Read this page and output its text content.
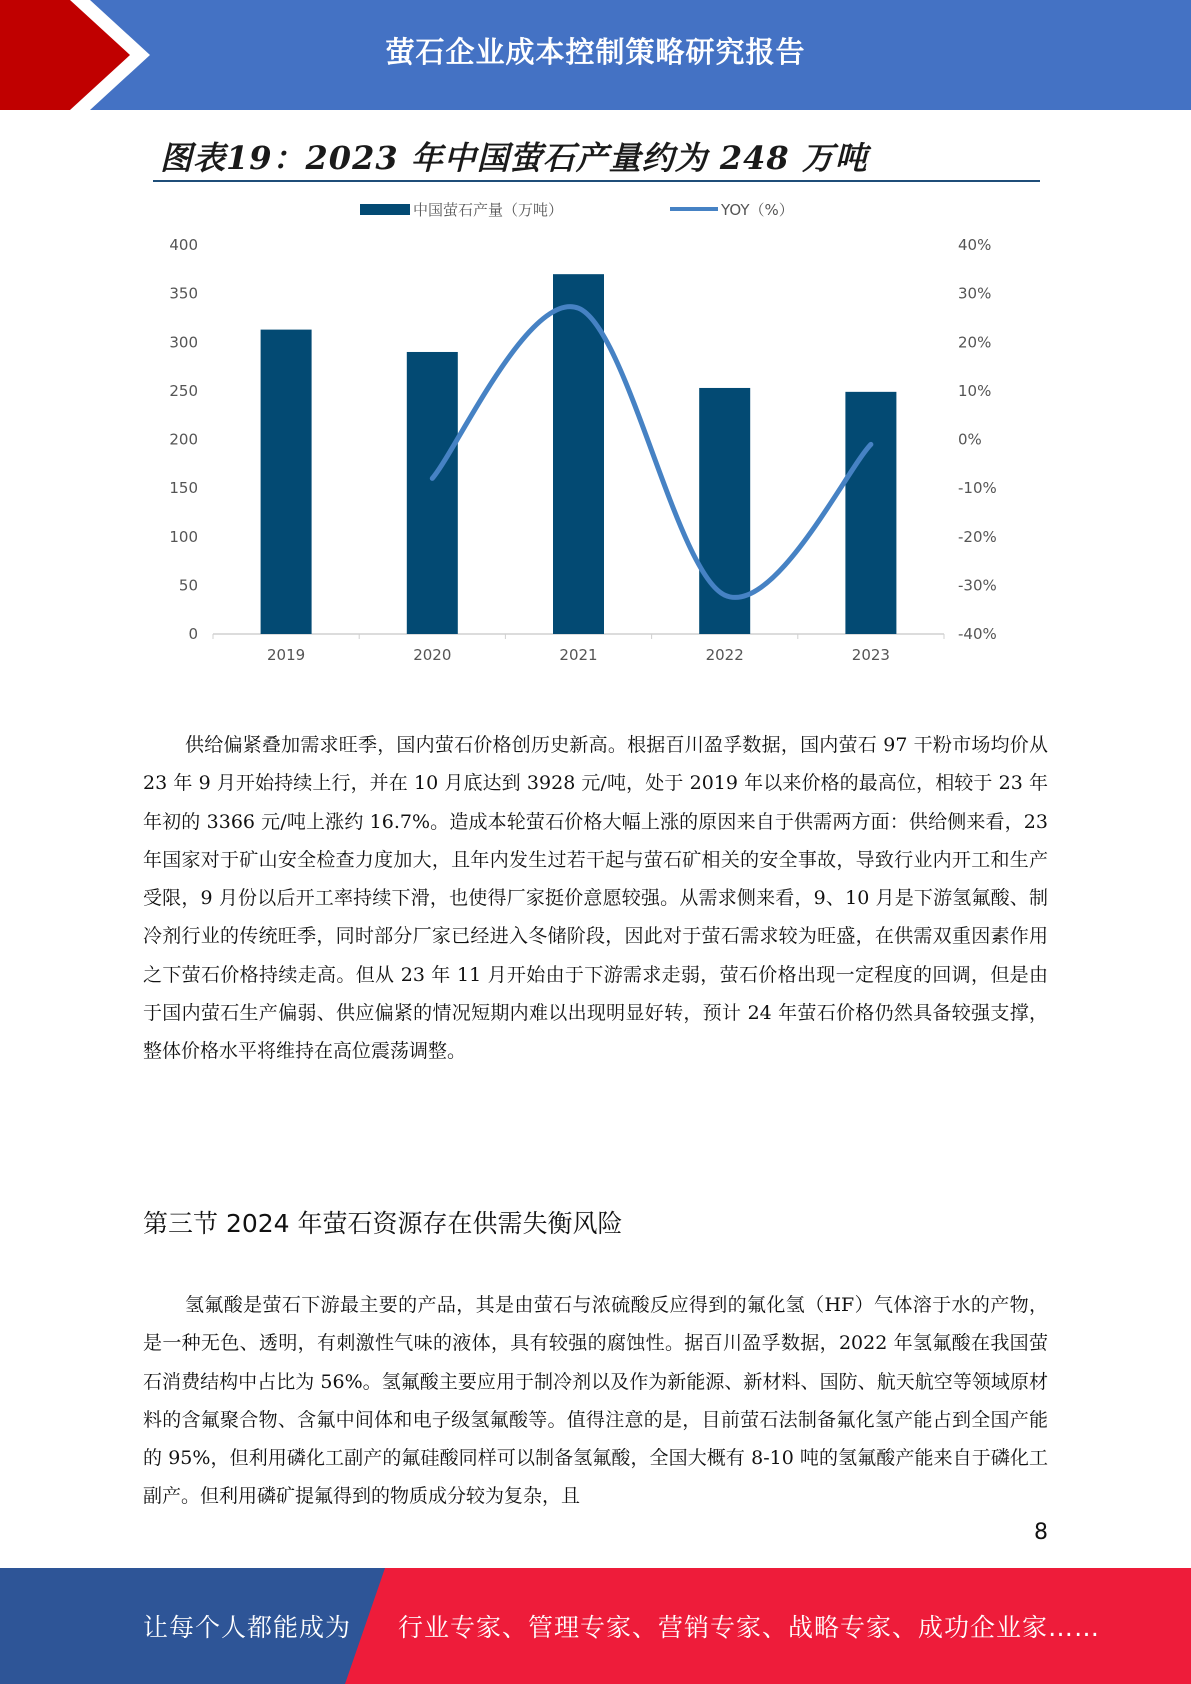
萤石企业成本控制策略研究报告
图表19：2023 年中国萤石产量约为 248 万吨
中国萤石产量（万吨）	YOY（%）
0
50
100
150
200
250
300
350
400
-40%
-30%
-20%
-10%
0%
10%
20%
30%
40%
2019	2020	2021	2022	2023
供给偏紧叠加需求旺季，国内萤石价格创历史新高。根据百川盈孚数据，国内萤石 97 干粉市场均价从 23 年 9 月开始持续上行，并在 10 月底达到 3928 元/吨，处于 2019 年以来价格的最高位，相较于 23 年年初的 3366 元/吨上涨约 16.7%。造成本轮萤石价格大幅上涨的原因来自于供需两方面：供给侧来看，23 年国家对于矿山安全检查力度加大，且年内发生过若干起与萤石矿相关的安全事故，导致行业内开工和生产受限，9 月份以后开工率持续下滑，也使得厂家挺价意愿较强。从需求侧来看，9、10 月是下游氢氟酸、制冷剂行业的传统旺季，同时部分厂家已经进入冬储阶段，因此对于萤石需求较为旺盛，在供需双重因素作用之下萤石价格持续走高。但从 23 年 11 月开始由于下游需求走弱，萤石价格出现一定程度的回调，但是由于国内萤石生产偏弱、供应偏紧的情况短期内难以出现明显好转，预计 24 年萤石价格仍然具备较强支撑，整体价格水平将维持在高位震荡调整。
第三节 2024 年萤石资源存在供需失衡风险
氢氟酸是萤石下游最主要的产品，其是由萤石与浓硫酸反应得到的氟化氢（HF）气体溶于水的产物，是一种无色、透明，有刺激性气味的液体，具有较强的腐蚀性。据百川盈孚数据，2022 年氢氟酸在我国萤石消费结构中占比为 56%。氢氟酸主要应用于制冷剂以及作为新能源、新材料、国防、航天航空等领域原材料的含氟聚合物、含氟中间体和电子级氢氟酸等。值得注意的是，目前萤石法制备氟化氢产能占到全国产能的 95%，但利用磷化工副产的氟硅酸同样可以制备氢氟酸，全国大概有 8-10 吨的氢氟酸产能来自于磷化工副产。但利用磷矿提氟得到的物质成分较为复杂，且
8
让每个人都能成为 行业专家、管理专家、营销专家、战略专家、成功企业家……
